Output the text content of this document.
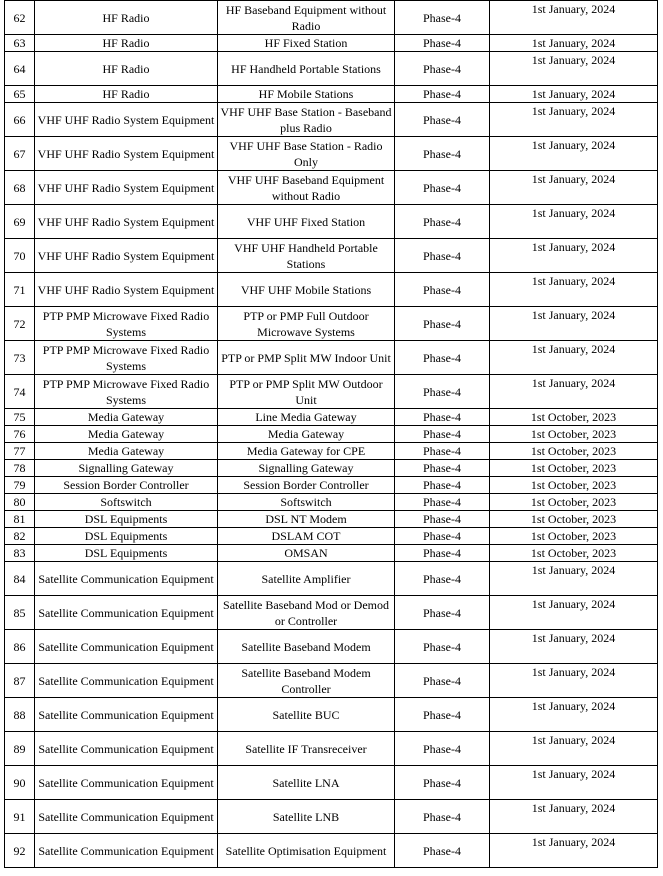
62	HF Radio	HF Baseband Equipment without Radio	Phase-4	1st January, 2024
63	HF Radio	HF Fixed Station	Phase-4	1st January, 2024
64	HF Radio	HF Handheld Portable Stations	Phase-4	1st January, 2024
65	HF Radio	HF Mobile Stations	Phase-4	1st January, 2024
66	VHF UHF Radio System Equipment	VHF UHF Base Station - Baseband plus Radio	Phase-4	1st January, 2024
67	VHF UHF Radio System Equipment	VHF UHF Base Station - Radio Only	Phase-4	1st January, 2024
68	VHF UHF Radio System Equipment	VHF UHF Baseband Equipment without Radio	Phase-4	1st January, 2024
69	VHF UHF Radio System Equipment	VHF UHF Fixed Station	Phase-4	1st January, 2024
70	VHF UHF Radio System Equipment	VHF UHF Handheld Portable Stations	Phase-4	1st January, 2024
71	VHF UHF Radio System Equipment	VHF UHF Mobile Stations	Phase-4	1st January, 2024
72	PTP PMP Microwave Fixed Radio Systems	PTP or PMP Full Outdoor Microwave Systems	Phase-4	1st January, 2024
73	PTP PMP Microwave Fixed Radio Systems	PTP or PMP Split MW Indoor Unit	Phase-4	1st January, 2024
74	PTP PMP Microwave Fixed Radio Systems	PTP or PMP Split MW Outdoor Unit	Phase-4	1st January, 2024
75	Media Gateway	Line Media Gateway	Phase-4	1st October, 2023
76	Media Gateway	Media Gateway	Phase-4	1st October, 2023
77	Media Gateway	Media Gateway for CPE	Phase-4	1st October, 2023
78	Signalling Gateway	Signalling Gateway	Phase-4	1st October, 2023
79	Session Border Controller	Session Border Controller	Phase-4	1st October, 2023
80	Softswitch	Softswitch	Phase-4	1st October, 2023
81	DSL Equipments	DSL NT Modem	Phase-4	1st October, 2023
82	DSL Equipments	DSLAM COT	Phase-4	1st October, 2023
83	DSL Equipments	OMSAN	Phase-4	1st October, 2023
84	Satellite Communication Equipment	Satellite Amplifier	Phase-4	1st January, 2024
85	Satellite Communication Equipment	Satellite Baseband Mod or Demod or Controller	Phase-4	1st January, 2024
86	Satellite Communication Equipment	Satellite Baseband Modem	Phase-4	1st January, 2024
87	Satellite Communication Equipment	Satellite Baseband Modem Controller	Phase-4	1st January, 2024
88	Satellite Communication Equipment	Satellite BUC	Phase-4	1st January, 2024
89	Satellite Communication Equipment	Satellite IF Transreceiver	Phase-4	1st January, 2024
90	Satellite Communication Equipment	Satellite LNA	Phase-4	1st January, 2024
91	Satellite Communication Equipment	Satellite LNB	Phase-4	1st January, 2024
92	Satellite Communication Equipment	Satellite Optimisation Equipment	Phase-4	1st January, 2024
